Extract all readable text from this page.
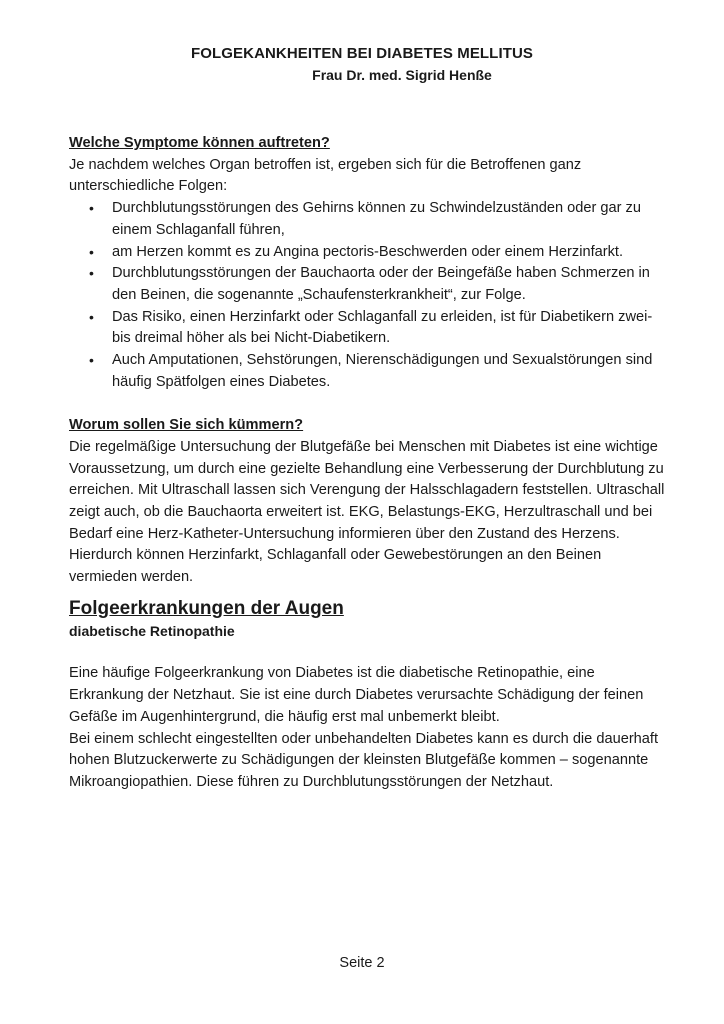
FOLGEKANKHEITEN BEI DIABETES MELLITUS
Frau Dr. med. Sigrid Henße

Welche Symptome können auftreten?

Je nachdem welches Organ betroffen ist, ergeben sich für die Betroffenen ganz unterschiedliche Folgen:

• Durchblutungsstörungen des Gehirns können zu Schwindelzuständen oder gar zu einem Schlaganfall führen,
• am Herzen kommt es zu Angina pectoris-Beschwerden oder einem Herzinfarkt.
• Durchblutungsstörungen der Bauchaorta oder der Beingefäße haben Schmerzen in den Beinen, die sogenannte „Schaufensterkrankheit“, zur Folge.
• Das Risiko, einen Herzinfarkt oder Schlaganfall zu erleiden, ist für Diabetikern zwei- bis dreimal höher als bei Nicht-Diabetikern.
• Auch Amputationen, Sehstörungen, Nierenschädigungen und Sexualstörungen sind häufig Spätfolgen eines Diabetes.

Worum sollen Sie sich kümmern?

Die regelmäßige Untersuchung der Blutgefäße bei Menschen mit Diabetes ist eine wichtige Voraussetzung, um durch eine gezielte Behandlung eine Verbesserung der Durchblutung zu erreichen. Mit Ultraschall lassen sich Verengung der Halsschlagadern feststellen. Ultraschall zeigt auch, ob die Bauchaorta erweitert ist. EKG, Belastungs-EKG, Herzultraschall und bei Bedarf eine Herz-Katheter-Untersuchung informieren über den Zustand des Herzens.

Hierdurch können Herzinfarkt, Schlaganfall oder Gewebestörungen an den Beinen vermieden werden.

Folgeerkrankungen der Augen
diabetische Retinopathie

Eine häufige Folgeerkrankung von Diabetes ist die diabetische Retinopathie, eine Erkrankung der Netzhaut. Sie ist eine durch Diabetes verursachte Schädigung der feinen Gefäße im Augenhintergrund, die häufig erst mal unbemerkt bleibt.

Bei einem schlecht eingestellten oder unbehandelten Diabetes kann es durch die dauerhaft hohen Blutzuckerwerte zu Schädigungen der kleinsten Blutgefäße kommen – sogenannte Mikroangiopathien. Diese führen zu Durchblutungsstörungen der Netzhaut.

Seite 2
